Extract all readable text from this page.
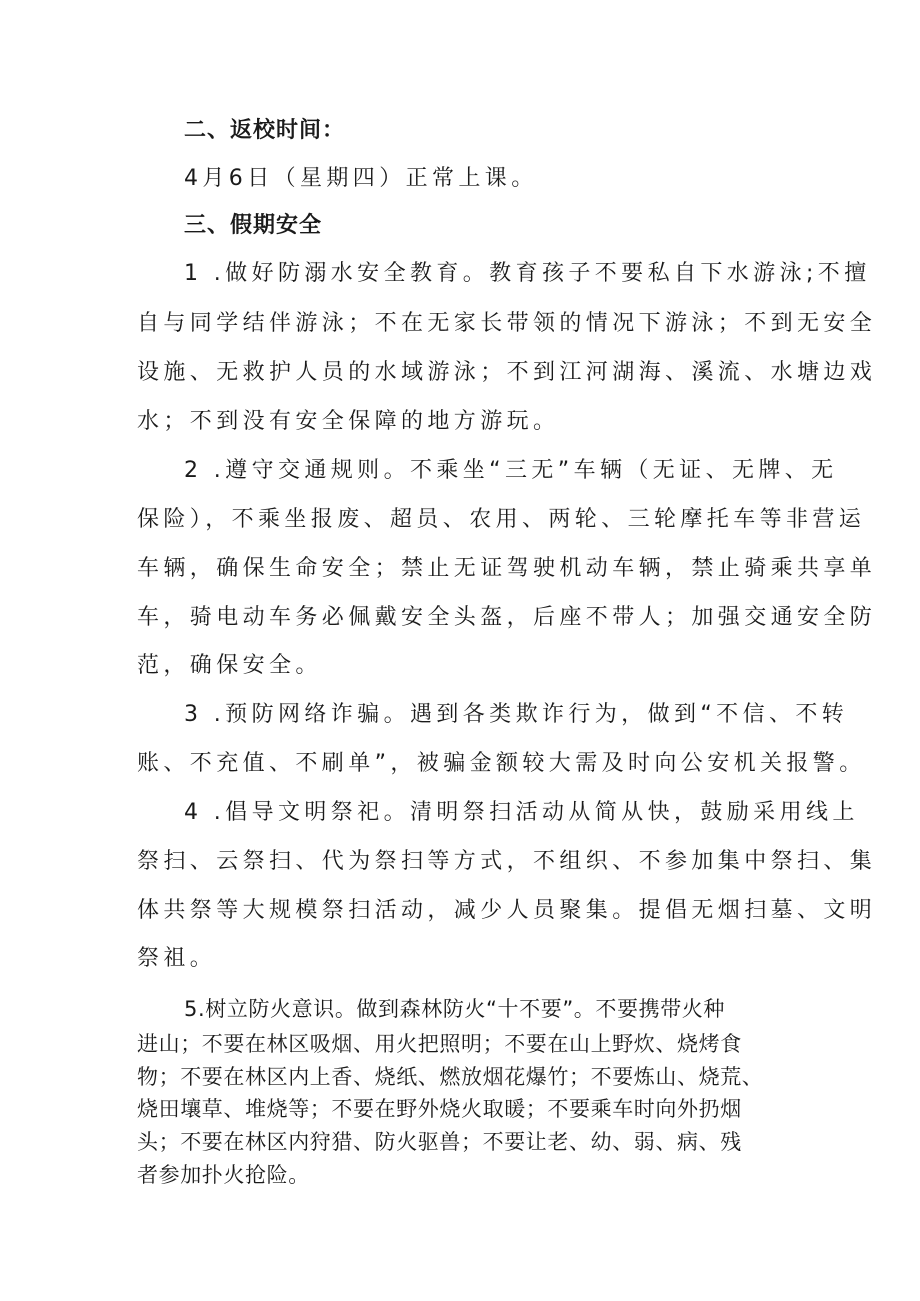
二、返校时间：
4月6日（星期四）正常上课。
三、假期安全
1 .做好防溺水安全教育。教育孩子不要私自下水游泳;不擅
自与同学结伴游泳；不在无家长带领的情况下游泳；不到无安全
设施、无救护人员的水域游泳；不到江河湖海、溪流、水塘边戏
水；不到没有安全保障的地方游玩。
2 .遵守交通规则。不乘坐“三无”车辆（无证、无牌、无
保险），不乘坐报废、超员、农用、两轮、三轮摩托车等非营运
车辆，确保生命安全；禁止无证驾驶机动车辆，禁止骑乘共享单
车，骑电动车务必佩戴安全头盔，后座不带人；加强交通安全防
范，确保安全。
3 .预防网络诈骗。遇到各类欺诈行为，做到“不信、不转
账、不充值、不刷单”，被骗金额较大需及时向公安机关报警。
4 .倡导文明祭祀。清明祭扫活动从简从快，鼓励采用线上
祭扫、云祭扫、代为祭扫等方式，不组织、不参加集中祭扫、集
体共祭等大规模祭扫活动，减少人员聚集。提倡无烟扫墓、文明
祭祖。
5.树立防火意识。做到森林防火“十不要”。不要携带火种
进山；不要在林区吸烟、用火把照明；不要在山上野炊、烧烤食
物；不要在林区内上香、烧纸、燃放烟花爆竹；不要炼山、烧荒、
烧田壤草、堆烧等；不要在野外烧火取暖；不要乘车时向外扔烟
头；不要在林区内狩猎、防火驱兽；不要让老、幼、弱、病、残
者参加扑火抢险。
